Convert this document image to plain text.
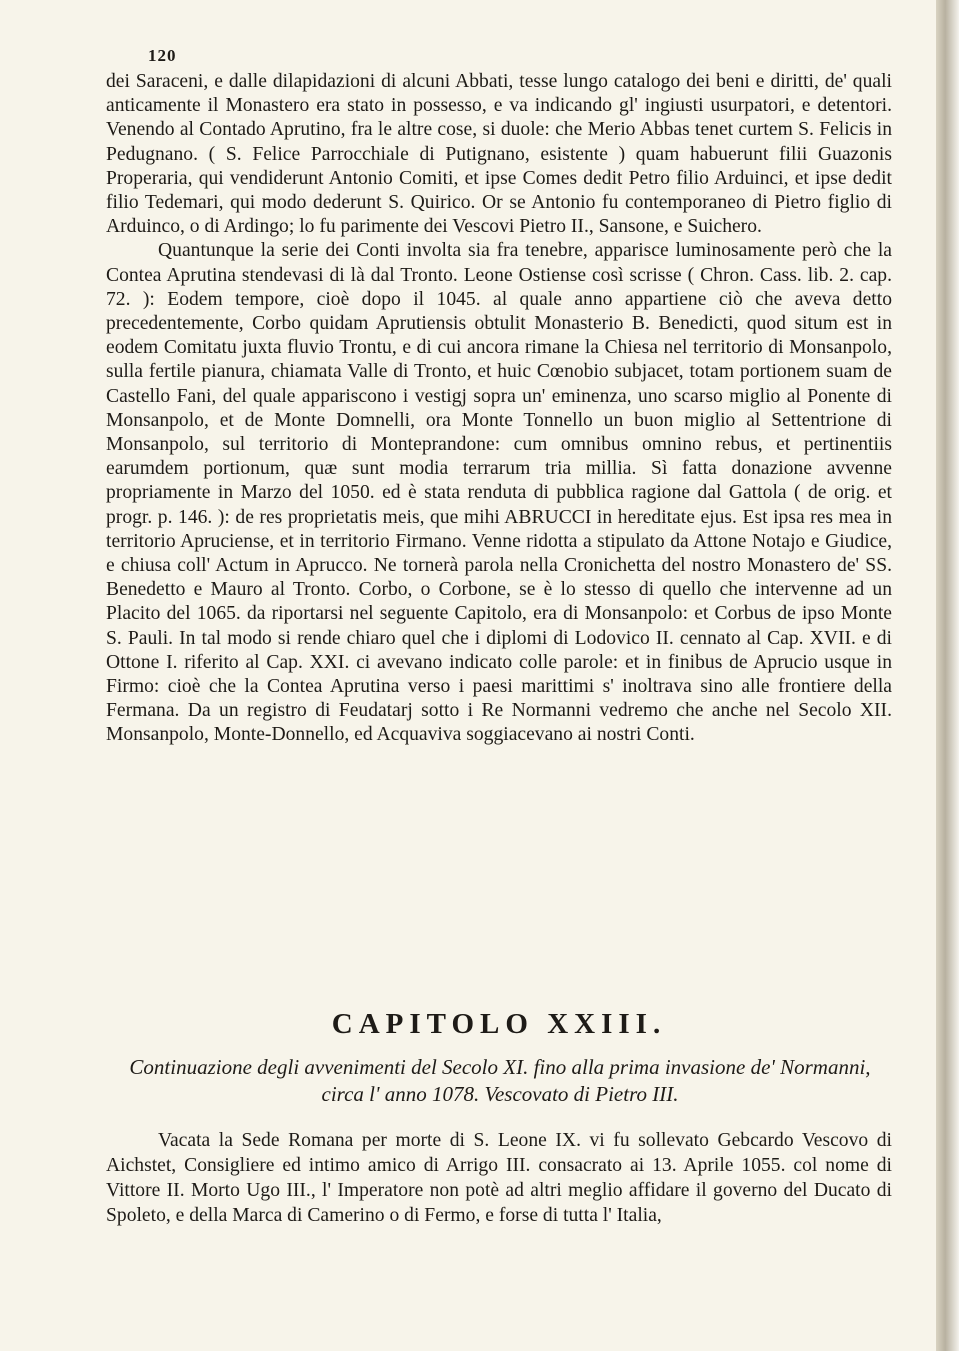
120

dei Saraceni, e dalle dilapidazioni di alcuni Abbati, tesse lungo catalogo dei beni e diritti, de' quali anticamente il Monastero era stato in possesso, e va indicando gl' ingiusti usurpatori, e detentori. Venendo al Contado Aprutino, fra le altre cose, si duole: che Merio Abbas tenet curtem S. Felicis in Pedugnano. ( S. Felice Parrocchiale di Putignano, esistente ) quam habuerunt filii Guazonis Properaria, qui vendiderunt Antonio Comiti, et ipse Comes dedit Petro filio Arduinci, et ipse dedit filio Tedemari, qui modo dederunt S. Quirico. Or se Antonio fu contemporaneo di Pietro figlio di Arduinco, o di Ardingo; lo fu parimente dei Vescovi Pietro II., Sansone, e Suichero.

Quantunque la serie dei Conti involta sia fra tenebre, apparisce luminosamente però che la Contea Aprutina stendevasi di là dal Tronto. Leone Ostiense così scrisse ( Chron. Cass. lib. 2. cap. 72. ): Eodem tempore, cioè dopo il 1045. al quale anno appartiene ciò che aveva detto precedentemente, Corbo quidam Aprutiensis obtulit Monasterio B. Benedicti, quod situm est in eodem Comitatu juxta fluvio Trontu, e di cui ancora rimane la Chiesa nel territorio di Monsanpolo, sulla fertile pianura, chiamata Valle di Tronto, et huic Cœnobio subjacet, totam portionem suam de Castello Fani, del quale appariscono i vestigj sopra un' eminenza, uno scarso miglio al Ponente di Monsanpolo, et de Monte Domnelli, ora Monte Tonnello un buon miglio al Settentrione di Monsanpolo, sul territorio di Monteprandone: cum omnibus omnino rebus, et pertinentiis earumdem portionum, quæ sunt modia terrarum tria millia. Sì fatta donazione avvenne propriamente in Marzo del 1050. ed è stata renduta di pubblica ragione dal Gattola ( de orig. et progr. p. 146. ): de res proprietatis meis, que mihi ABRUCCI in hereditate ejus. Est ipsa res mea in territorio Apruciense, et in territorio Firmano. Venne ridotta a stipulato da Attone Notajo e Giudice, e chiusa coll' Actum in Aprucco. Ne tornerà parola nella Cronichetta del nostro Monastero de' SS. Benedetto e Mauro al Tronto. Corbo, o Corbone, se è lo stesso di quello che intervenne ad un Placito del 1065. da riportarsi nel seguente Capitolo, era di Monsanpolo: et Corbus de ipso Monte S. Pauli. In tal modo si rende chiaro quel che i diplomi di Lodovico II. cennato al Cap. XVII. e di Ottone I. riferito al Cap. XXI. ci avevano indicato colle parole: et in finibus de Aprucio usque in Firmo: cioè che la Contea Aprutina verso i paesi marittimi s' inoltrava sino alle frontiere della Fermana. Da un registro di Feudatarj sotto i Re Normanni vedremo che anche nel Secolo XII. Monsanpolo, Monte-Donnello, ed Acquaviva soggiacevano ai nostri Conti.

CAPITOLO XXIII.
Continuazione degli avvenimenti del Secolo XI. fino alla prima invasione de' Normanni, circa l' anno 1078. Vescovato di Pietro III.

Vacata la Sede Romana per morte di S. Leone IX. vi fu sollevato Gebcardo Vescovo di Aichstet, Consigliere ed intimo amico di Arrigo III. consacrato ai 13. Aprile 1055. col nome di Vittore II. Morto Ugo III., l' Imperatore non potè ad altri meglio affidare il governo del Ducato di Spoleto, e della Marca di Camerino o di Fermo, e forse di tutta l' Italia,
